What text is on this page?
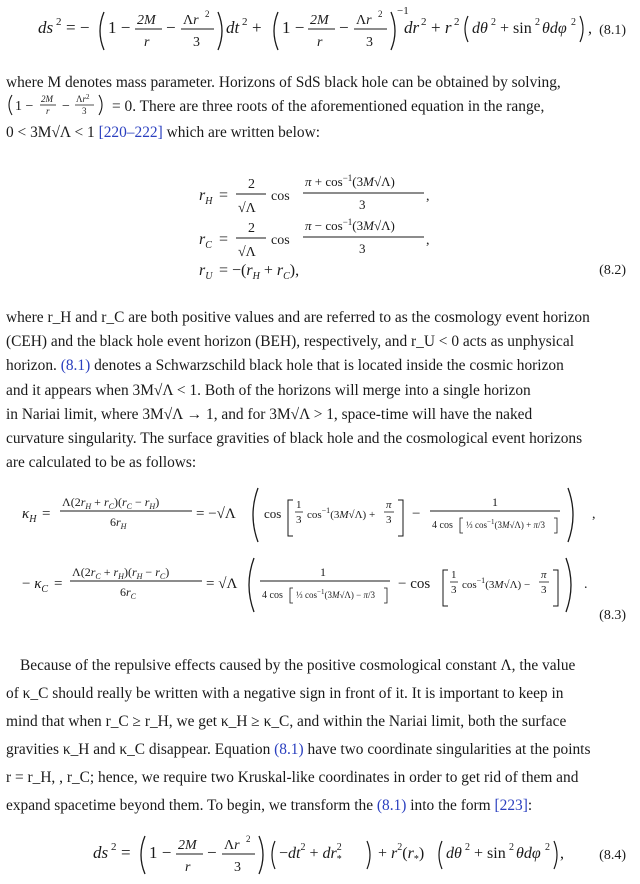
ds 2 = − 1 − 2M
r
− Λr 2
3
dt 2 + 1 − 2M
r
− Λr 2
3
−1
dr 2 + r 2 dθ 2 + sin 2 θdφ 2 , (8.1)
where M denotes mass parameter. Horizons of SdS black hole can be obtained by solving,
1 − 2M
$r - \Lambda r^2$
3 = 0. There are three roots of the aforementioned equation in the range,
0 < 3M√Λ < 1 [220–222] which are written below:
$r_H$ =
2
√Λ
cos
$\pi + \cos^{-1}(3M√\Lambda)$
3
,
$r_C$ =
2
√Λ
cos
$\pi - \cos^{-1}(3M√\Lambda)$
3
,
$r_U = -(r_H + r_C)$,	(8.2)
where r_H and r_C are both positive values and are referred to as the cosmology event horizon
(CEH) and the black hole event horizon (BEH), respectively, and r_U < 0 acts as unphysical
horizon. (8.1) denotes a Schwarzschild black hole that is located inside the cosmic horizon
and it appears when 3M√Λ < 1. Both of the horizons will merge into a single horizon
in Nariai limit, where 3M√Λ → 1, and for 3M√Λ > 1, space-time will have the naked
curvature singularity. The surface gravities of black hole and the cosmological event horizons
are calculated to be as follows:
$\kappa_H$ =
$\Lambda(2r_H + r_C)(r_C - r_H)$
$6r_H$
= −√Λ cos
1
3 $\cos^{-1}(3M√\Lambda)$ +
π
3 −
1
4 cos ⅓ $\cos^{-1}(3M√\Lambda) + \pi/3$
,
− $\kappa_C$ =
$\Lambda(2r_C + r_H)(r_H - r_C)$
$6r_C$
= √Λ
1
4 cos ⅓ $\cos^{-1}(3M√\Lambda) - \pi/3$
− cos
1
3 $\cos^{-1}(3M√\Lambda)$ −
π
3	.
(8.3)
Because of the repulsive effects caused by the positive cosmological constant Λ, the value
of κ_C should really be written with a negative sign in front of it. It is important to keep in
mind that when r_C ≥ r_H, we get κ_H ≥ κ_C, and within the Nariai limit, both the surface
gravities κ_H and κ_C disappear. Equation (8.1) have two coordinate singularities at the points
r = r_H, , r_C; hence, we require two Kruskal-like coordinates in order to get rid of them and
expand spacetime beyond them. To begin, we transform the (8.1) into the form [223]:
ds 2 = 1 − 2M
r
− Λr 2
3
$-dt^2 + dr^2$ * + $r^2(r_*)$ dθ 2 + sin 2 θdφ 2 ,	(8.4)
